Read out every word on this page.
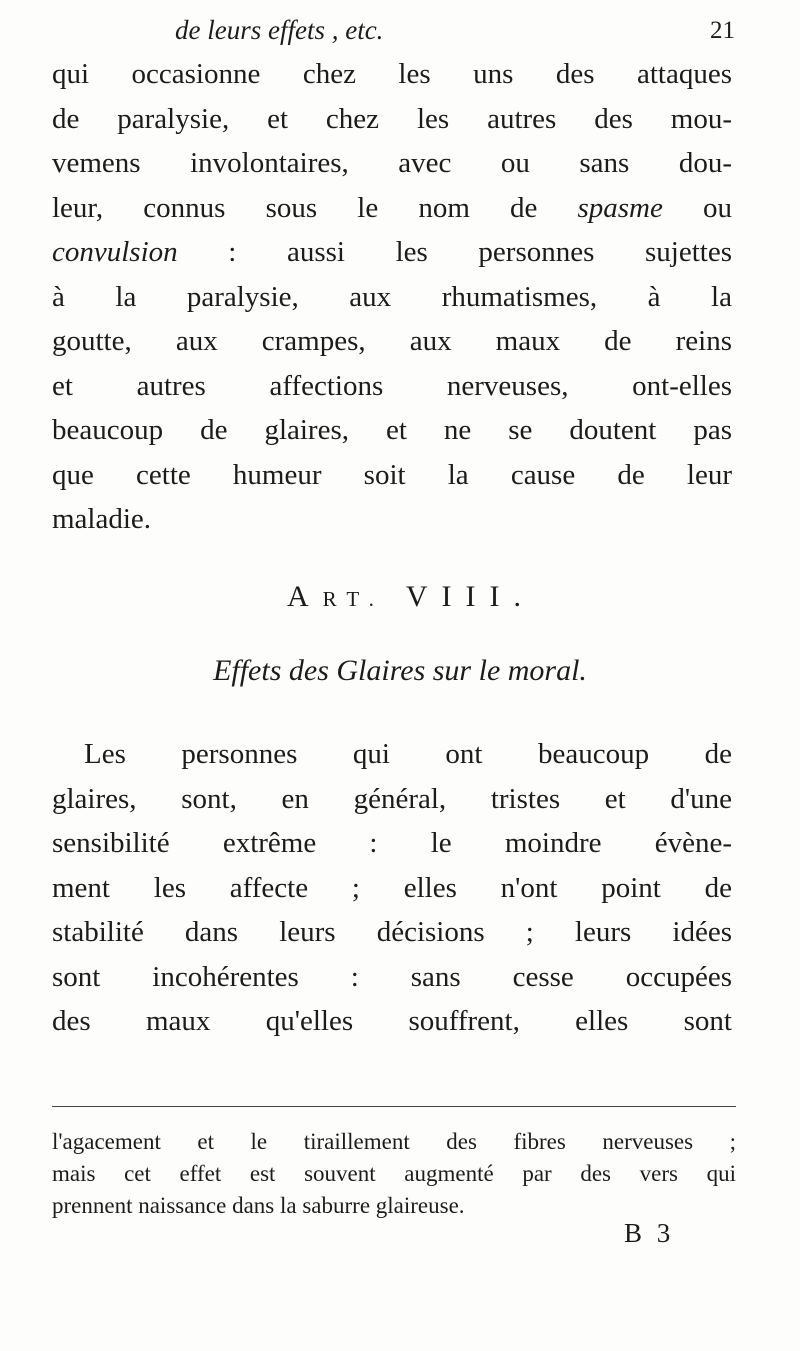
de leurs effets , etc.	21

qui occasionne chez les uns des attaques
de paralysie, et chez les autres des mou-
vemens involontaires, avec ou sans dou-
leur, connus sous le nom de spasme ou
convulsion : aussi les personnes sujettes
à la paralysie, aux rhumatismes, à la
goutte, aux crampes, aux maux de reins
et autres affections nerveuses, ont-elles
beaucoup de glaires, et ne se doutent pas
que cette humeur soit la cause de leur
maladie.

ART. VIII.
Effets des Glaires sur le moral.

Les personnes qui ont beaucoup de
glaires, sont, en général, tristes et d'une
sensibilité extrême : le moindre évène-
ment les affecte ; elles n'ont point de
stabilité dans leurs décisions ; leurs idées
sont incohérentes : sans cesse occupées
des maux qu'elles souffrent, elles sont

l'agacement et le tiraillement des fibres nerveuses ;
mais cet effet est souvent augmenté par des vers qui
prennent naissance dans la saburre glaireuse.

B 3
